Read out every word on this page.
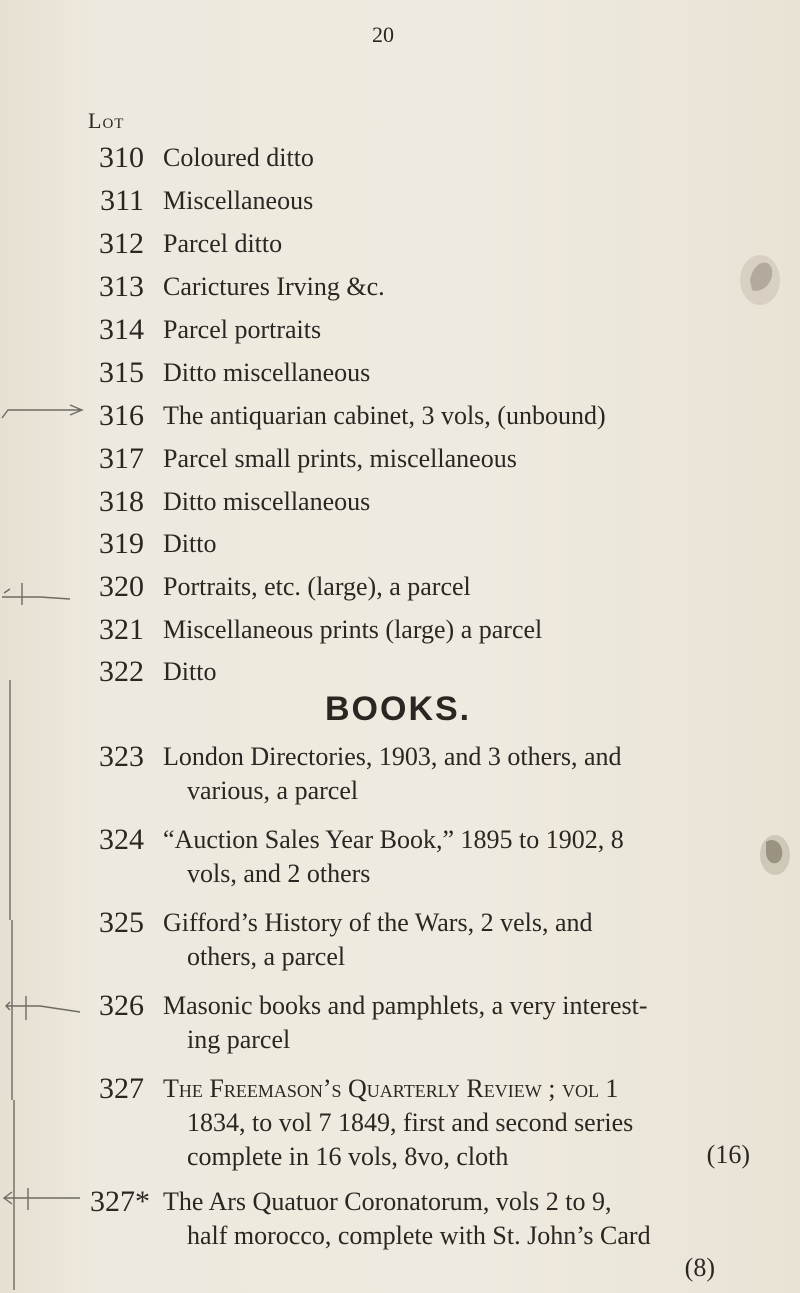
20
Lot
310 Coloured ditto
311 Miscellaneous
312 Parcel ditto
313 Carictures Irving &c.
314 Parcel portraits
315 Ditto miscellaneous
316 The antiquarian cabinet, 3 vols, (unbound)
317 Parcel small prints, miscellaneous
318 Ditto miscellaneous
319 Ditto
320 Portraits, etc. (large), a parcel
321 Miscellaneous prints (large) a parcel
322 Ditto
BOOKS.
323 London Directories, 1903, and 3 others, and
various, a parcel
324 “Auction Sales Year Book,” 1895 to 1902, 8
vols, and 2 others
325 Gifford’s History of the Wars, 2 vels, and
others, a parcel
326 Masonic books and pamphlets, a very interest-
ing parcel
327 The Freemason’s Quarterly Review ; vol 1
1834, to vol 7 1849, first and second series
complete in 16 vols, 8vo, cloth	(16)
327* The Ars Quatuor Coronatorum, vols 2 to 9,
half morocco, complete with St. John’s Card
(8)
